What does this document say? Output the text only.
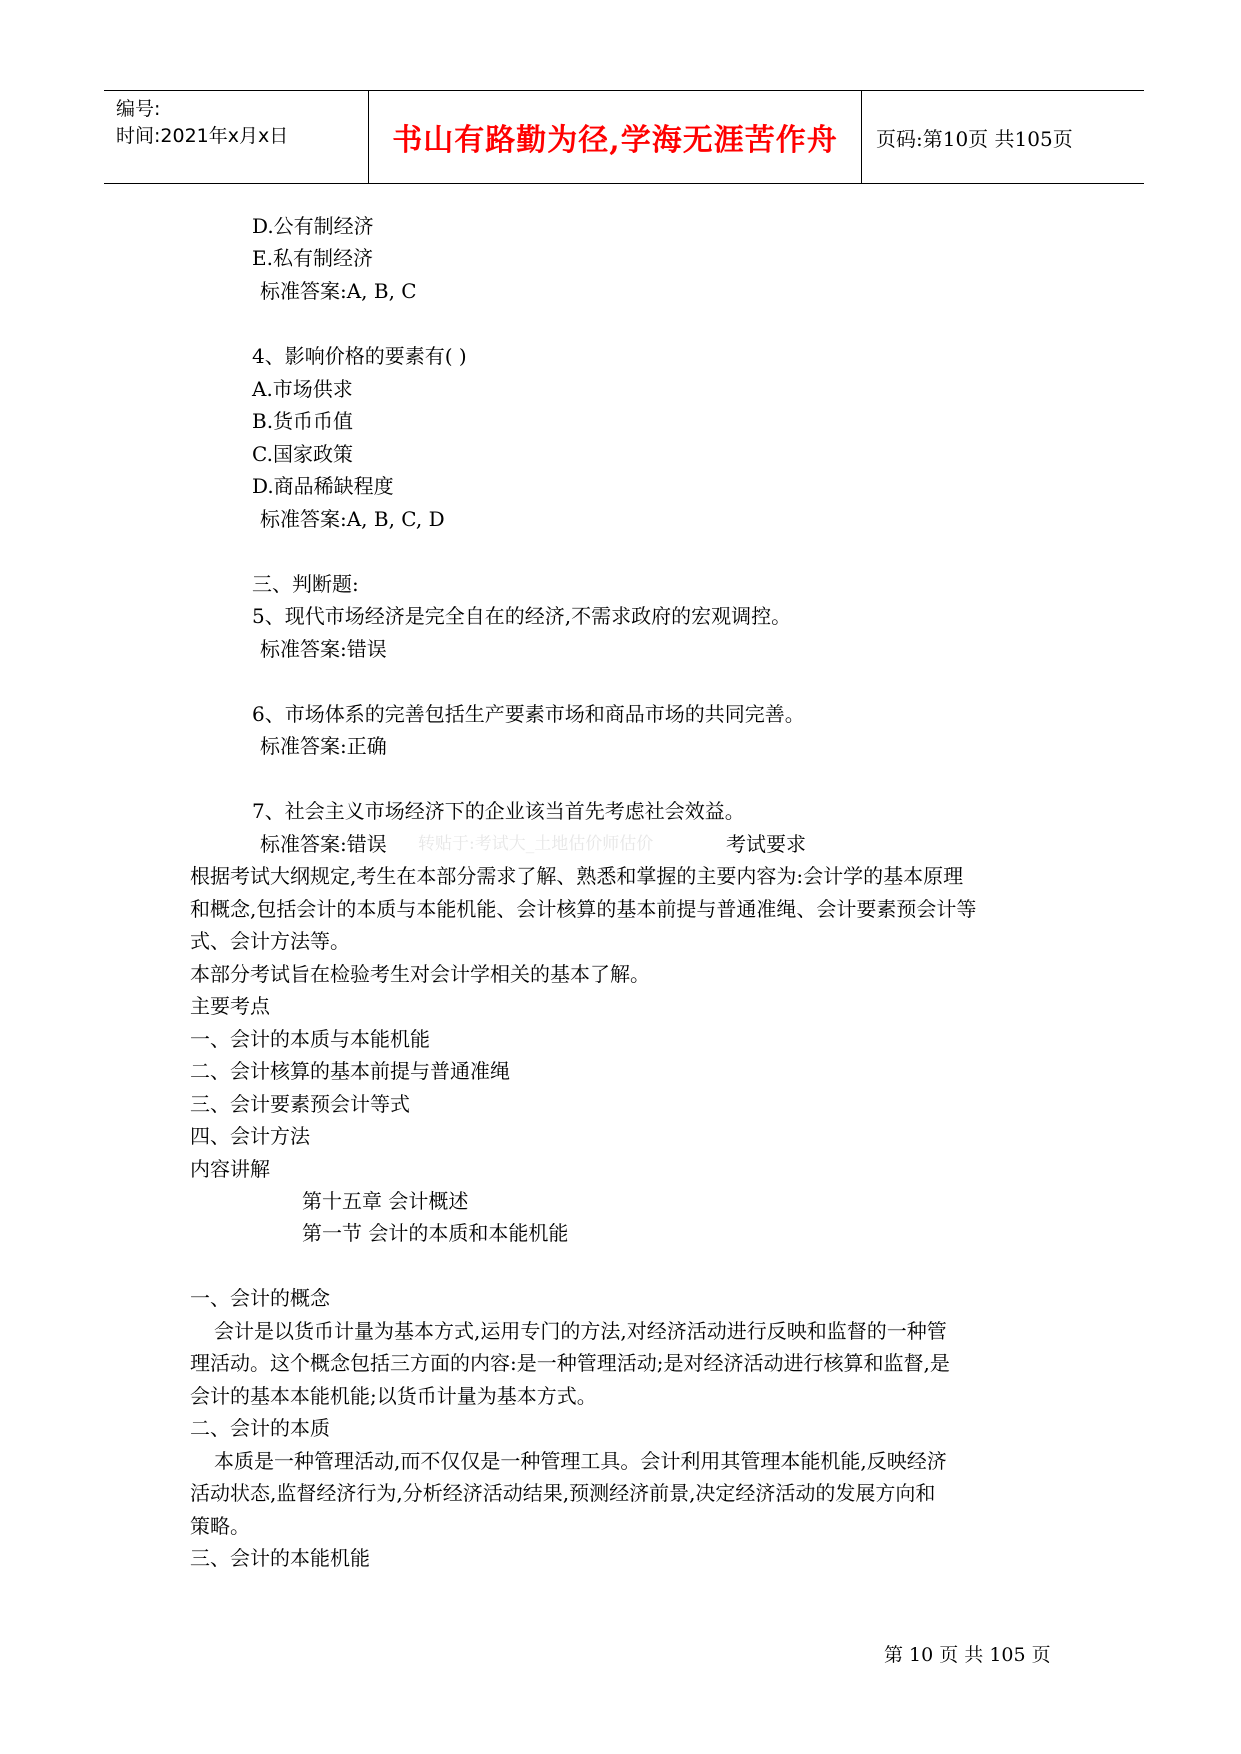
编号:
时间:2021年x月x日	书山有路勤为径,学海无涯苦作舟	页码:第10页 共105页
D.公有制经济
E.私有制经济
标准答案:A, B, C
4、影响价格的要素有( )
A.市场供求
B.货币币值
C.国家政策
D.商品稀缺程度
标准答案:A, B, C, D
三、判断题:
5、现代市场经济是完全自在的经济,不需求政府的宏观调控。
标准答案:错误
6、市场体系的完善包括生产要素市场和商品市场的共同完善。
标准答案:正确
7、社会主义市场经济下的企业该当首先考虑社会效益。
标准答案:错误 转贴于:考试大_土地估价师估价	考试要求
根据考试大纲规定,考生在本部分需求了解、熟悉和掌握的主要内容为:会计学的基本原理
和概念,包括会计的本质与本能机能、会计核算的基本前提与普通准绳、会计要素预会计等
式、会计方法等。
本部分考试旨在检验考生对会计学相关的基本了解。
主要考点
一、会计的本质与本能机能
二、会计核算的基本前提与普通准绳
三、会计要素预会计等式
四、会计方法
内容讲解
第十五章 会计概述
第一节 会计的本质和本能机能
一、会计的概念
会计是以货币计量为基本方式,运用专门的方法,对经济活动进行反映和监督的一种管
理活动。这个概念包括三方面的内容:是一种管理活动;是对经济活动进行核算和监督,是
会计的基本本能机能;以货币计量为基本方式。
二、会计的本质
本质是一种管理活动,而不仅仅是一种管理工具。会计利用其管理本能机能,反映经济
活动状态,监督经济行为,分析经济活动结果,预测经济前景,决定经济活动的发展方向和
策略。
三、会计的本能机能
第 10 页 共 105 页
